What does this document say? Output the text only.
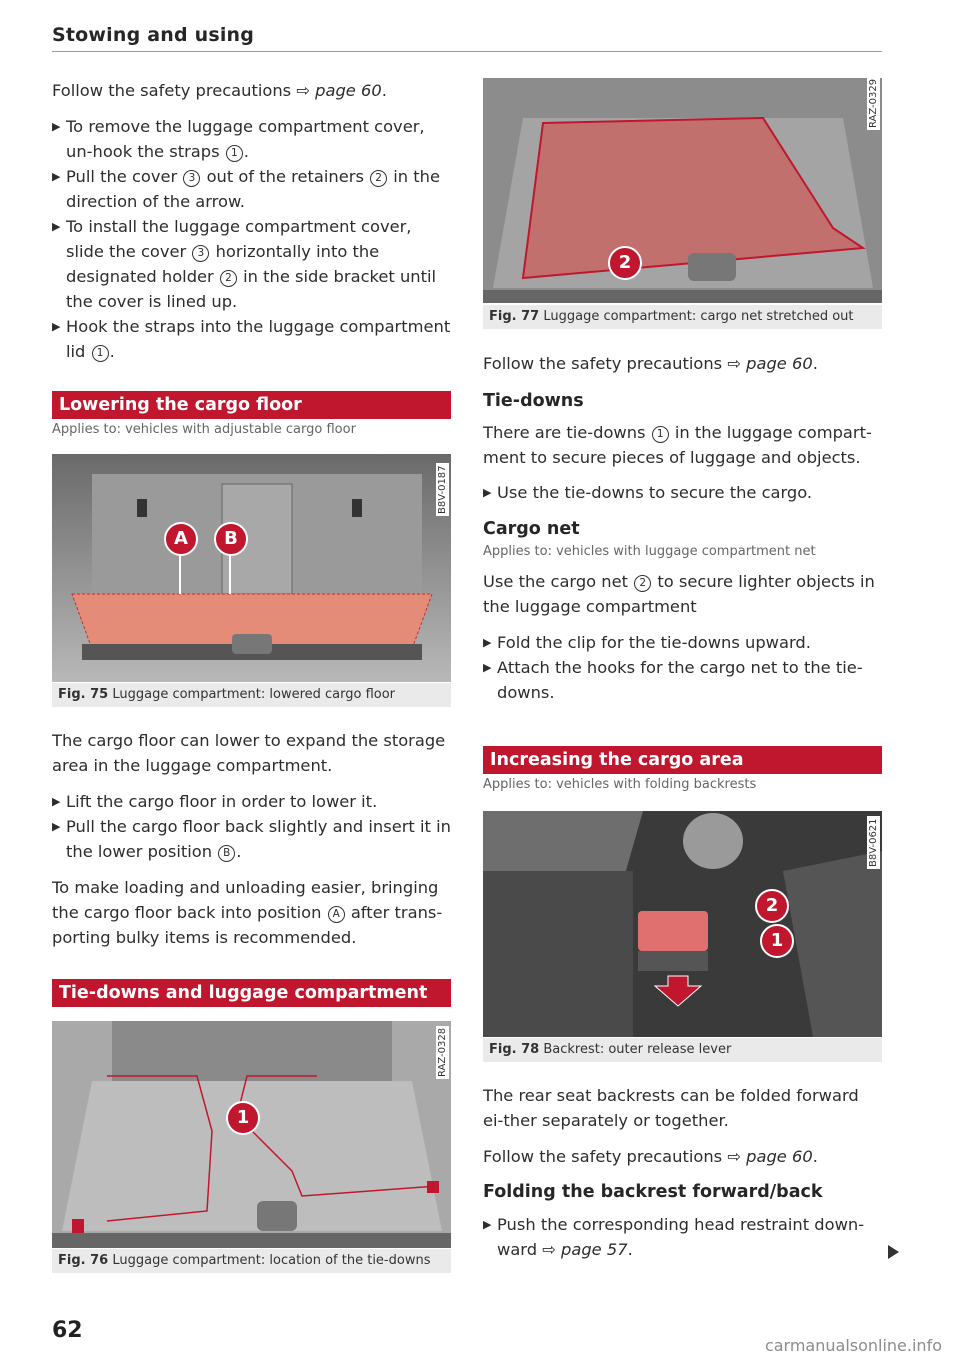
Stowing and using

Follow the safety precautions ⇨ page 60.

▶ To remove the luggage compartment cover, un-hook the straps 1 .
▶ Pull the cover 3 out of the retainers 2 in the direction of the arrow.
▶ To install the luggage compartment cover, slide the cover 3 horizontally into the designated holder 2 in the side bracket until the cover is lined up.
▶ Hook the straps into the luggage compartment lid 1 .
Lowering the cargo floor
Applies to: vehicles with adjustable cargo floor
A	B
B8V-0187
Fig. 75 Luggage compartment: lowered cargo floor

The cargo floor can lower to expand the storage area in the luggage compartment.

▶ Lift the cargo floor in order to lower it.
▶ Pull the cargo floor back slightly and insert it in the lower position B .

To make loading and unloading easier, bringing the cargo floor back into position A after trans-porting bulky items is recommended.

Tie-downs and luggage compartment
1
RAZ-0328
Fig. 76 Luggage compartment: location of the tie-downs
62
2
RAZ-0329
Fig. 77 Luggage compartment: cargo net stretched out

Follow the safety precautions ⇨ page 60.

Tie-downs

There are tie-downs 1 in the luggage compart-ment to secure pieces of luggage and objects.

▶ Use the tie-downs to secure the cargo.
Cargo net
Applies to: vehicles with luggage compartment net

Use the cargo net 2 to secure lighter objects in the luggage compartment

▶ Fold the clip for the tie-downs upward.
▶ Attach the hooks for the cargo net to the tie-downs.
Increasing the cargo area
Applies to: vehicles with folding backrests
2
1
B8V-0621
Fig. 78 Backrest: outer release lever

The rear seat backrests can be folded forward ei-ther separately or together.

Follow the safety precautions ⇨ page 60.

Folding the backrest forward/back
▶ Push the corresponding head restraint down-ward ⇨ page 57.
carmanualsonline.info
